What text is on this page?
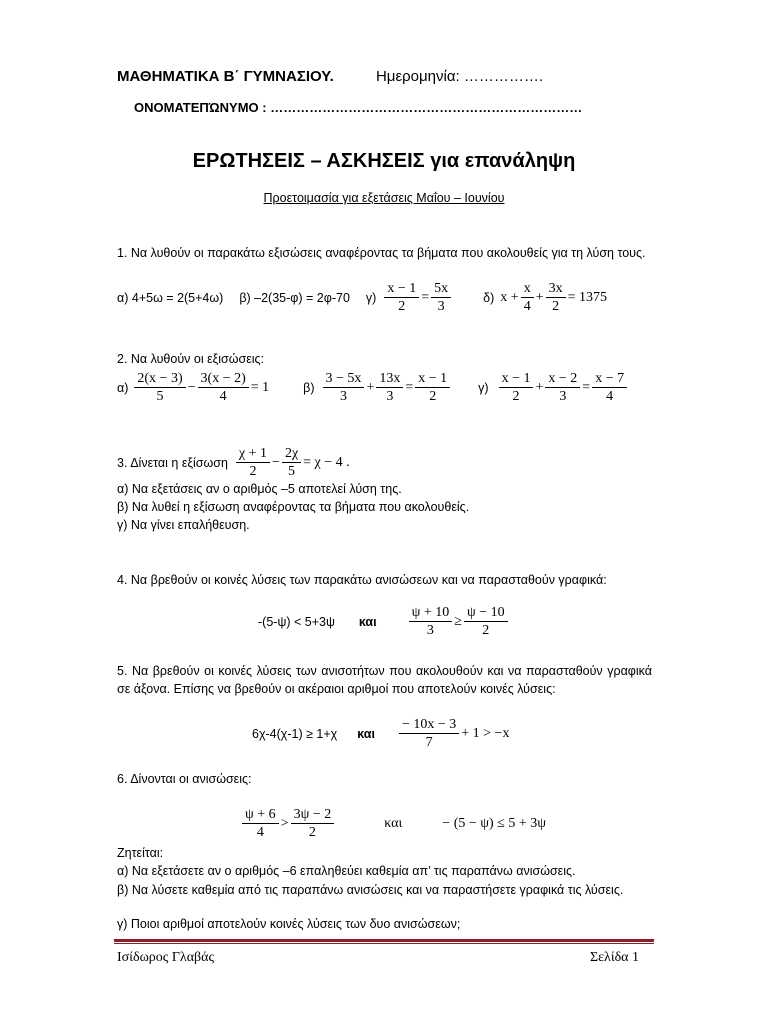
ΜΑΘΗΜΑΤΙΚΑ Β΄ ΓΥΜΝΑΣΙΟΥ.	Ημερομηνία: …………….
ΟΝΟΜΑΤΕΠΏΝΥΜΟ : ………………………………………………………………
ΕΡΩΤΗΣΕΙΣ – ΑΣΚΗΣΕΙΣ για επανάληψη
Προετοιμασία για εξετάσεις Μαΐου – Ιουνίου
1. Να λυθούν οι παρακάτω εξισώσεις αναφέροντας τα βήματα που ακολουθείς για τη λύση τους.
α) 4+5ω = 2(5+4ω) β) –2(35-φ) = 2φ-70 $\gamma) \frac{x - 1}{2} = \frac{5x}{3}$	δ) $x + \frac{x}{4} + \frac{3x}{2} = 1375$
2. Να λυθούν οι εξισώσεις:
$\alpha) \frac{2(x - 3)}{5} - \frac{3(x - 2)}{4} = 1$	$\beta) \frac{3 - 5x}{3} + \frac{13x}{3} = \frac{x - 1}{2} \gamma) \frac{x - 1}{2} + \frac{x - 2}{3} = \frac{x - 7}{4}$
3. Δίνεται η εξίσωση $\frac{\chi + 1}{2} - \frac{2\chi}{5} = \chi - 4$ .
α) Να εξετάσεις αν ο αριθμός –5 αποτελεί λύση της.
β) Να λυθεί η εξίσωση αναφέροντας τα βήματα που ακολουθείς.
γ) Να γίνει επαλήθευση.
4. Να βρεθούν οι κοινές λύσεις των παρακάτω ανισώσεων και να παρασταθούν γραφικά:
-(5-ψ) < 5+3ψ και $\frac{\psi + 10}{3} \ge \frac{\psi - 10}{2}$
5. Να βρεθούν οι κοινές λύσεις των ανισοτήτων που ακολουθούν και να παρασταθούν γραφικά σε άξονα. Επίσης να βρεθούν οι ακέραιοι αριθμοί που αποτελούν κοινές λύσεις:
6χ-4(χ-1) ≥ 1+χ και $\frac{- 10x - 3}{7} + 1 > -x$
6. Δίνονται οι ανισώσεις:
$\frac{\psi + 6}{4} > \frac{3\psi - 2}{2}$	και	− (5 − ψ) ≤ 5 + 3ψ
Ζητείται:
α) Να εξετάσετε αν ο αριθμός –6 επαληθεύει καθεμία απ’ τις παραπάνω ανισώσεις.
β) Να λύσετε καθεμία από τις παραπάνω ανισώσεις και να παραστήσετε γραφικά τις λύσεις.
γ) Ποιοι αριθμοί αποτελούν κοινές λύσεις των δυο ανισώσεων;
Ισίδωρος Γλαβάς	Σελίδα 1
